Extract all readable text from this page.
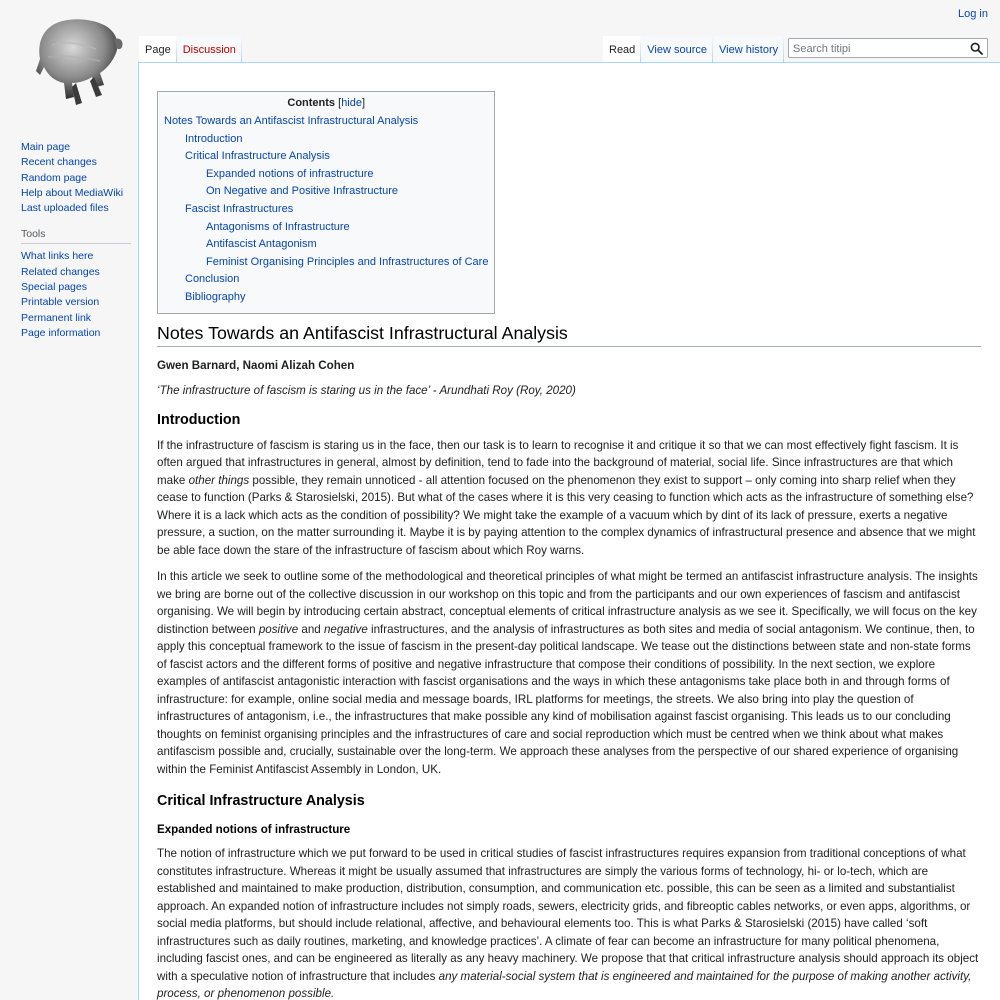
Log in
Main page
Recent changes
Random page
Help about MediaWiki
Last uploaded files
Tools
What links here
Related changes
Special pages
Printable version
Permanent link
Page information
Page	Discussion	Read	View source	View history
Search titipi
Contents [hide]
Notes Towards an Antifascist Infrastructural Analysis
Introduction
Critical Infrastructure Analysis
Expanded notions of infrastructure
On Negative and Positive Infrastructure
Fascist Infrastructures
Antagonisms of Infrastructure
Antifascist Antagonism
Feminist Organising Principles and Infrastructures of Care
Conclusion
Bibliography
Notes Towards an Antifascist Infrastructural Analysis

Gwen Barnard, Naomi Alizah Cohen

‘The infrastructure of fascism is staring us in the face’ - Arundhati Roy (Roy, 2020)

Introduction

If the infrastructure of fascism is staring us in the face, then our task is to learn to recognise it and critique it so that we can most effectively fight fascism. It is often argued that infrastructures in general, almost by definition, tend to fade into the background of material, social life. Since infrastructures are that which make other things possible, they remain unnoticed - all attention focused on the phenomenon they exist to support – only coming into sharp relief when they cease to function (Parks & Starosielski, 2015). But what of the cases where it is this very ceasing to function which acts as the infrastructure of something else? Where it is a lack which acts as the condition of possibility? We might take the example of a vacuum which by dint of its lack of pressure, exerts a negative pressure, a suction, on the matter surrounding it. Maybe it is by paying attention to the complex dynamics of infrastructural presence and absence that we might be able face down the stare of the infrastructure of fascism about which Roy warns.

In this article we seek to outline some of the methodological and theoretical principles of what might be termed an antifascist infrastructure analysis. The insights we bring are borne out of the collective discussion in our workshop on this topic and from the participants and our own experiences of fascism and antifascist organising. We will begin by introducing certain abstract, conceptual elements of critical infrastructure analysis as we see it. Specifically, we will focus on the key distinction between positive and negative infrastructures, and the analysis of infrastructures as both sites and media of social antagonism. We continue, then, to apply this conceptual framework to the issue of fascism in the present-day political landscape. We tease out the distinctions between state and non-state forms of fascist actors and the different forms of positive and negative infrastructure that compose their conditions of possibility. In the next section, we explore examples of antifascist antagonistic interaction with fascist organisations and the ways in which these antagonisms take place both in and through forms of infrastructure: for example, online social media and message boards, IRL platforms for meetings, the streets. We also bring into play the question of infrastructures of antagonism, i.e., the infrastructures that make possible any kind of mobilisation against fascist organising. This leads us to our concluding thoughts on feminist organising principles and the infrastructures of care and social reproduction which must be centred when we think about what makes antifascism possible and, crucially, sustainable over the long-term. We approach these analyses from the perspective of our shared experience of organising within the Feminist Antifascist Assembly in London, UK.

Critical Infrastructure Analysis
Expanded notions of infrastructure

The notion of infrastructure which we put forward to be used in critical studies of fascist infrastructures requires expansion from traditional conceptions of what constitutes infrastructure. Whereas it might be usually assumed that infrastructures are simply the various forms of technology, hi- or lo-tech, which are established and maintained to make production, distribution, consumption, and communication etc. possible, this can be seen as a limited and substantialist approach. An expanded notion of infrastructure includes not simply roads, sewers, electricity grids, and fibreoptic cables networks, or even apps, algorithms, or social media platforms, but should include relational, affective, and behavioural elements too. This is what Parks & Starosielski (2015) have called ‘soft infrastructures such as daily routines, marketing, and knowledge practices’. A climate of fear can become an infrastructure for many political phenomena, including fascist ones, and can be engineered as literally as any heavy machinery. We propose that that critical infrastructure analysis should approach its object with a speculative notion of infrastructure that includes any material-social system that is engineered and maintained for the purpose of making another activity, process, or phenomenon possible.
